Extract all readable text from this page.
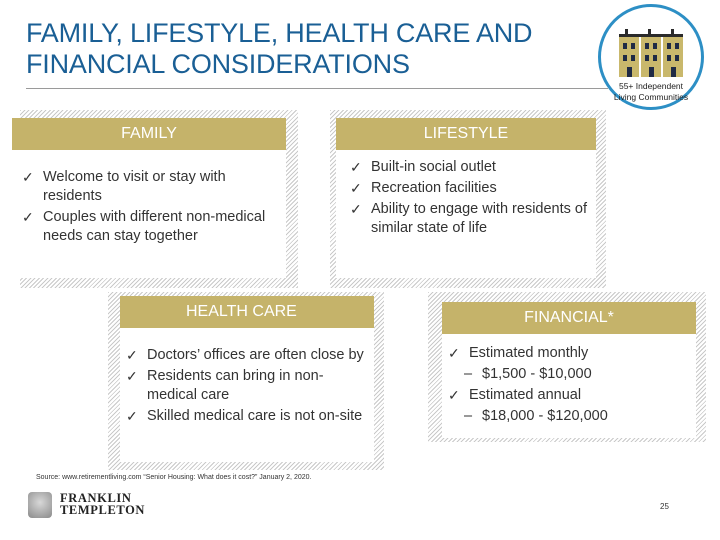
FAMILY, LIFESTYLE, HEALTH CARE AND
FINANCIAL CONSIDERATIONS
55+ Independent
Living Communities
FAMILY
✓ Welcome to visit or stay with residents
✓ Couples with different non-medical needs can stay together
LIFESTYLE
✓ Built-in social outlet
✓ Recreation facilities
✓ Ability to engage with residents of similar state of life
HEALTH CARE
✓ Doctors’ offices are often close by
✓ Residents can bring in non-medical care
✓ Skilled medical care is not on-site
FINANCIAL*
✓ Estimated monthly
– $1,500 - $10,000
✓ Estimated annual
– $18,000 - $120,000
Source: www.retirementliving.com “Senior Housing: What does it cost?” January 2, 2020.
FRANKLIN
TEMPLETON	25
